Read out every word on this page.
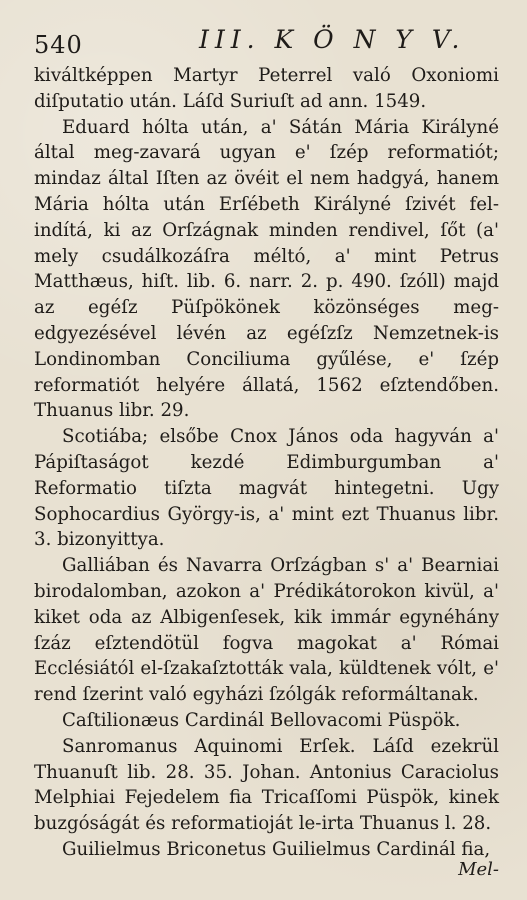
540	III. K Ö N Y V.

kiváltképpen Martyr Peterrel való Oxoniomi diſputatio után. Láſd Suriuſt ad ann. 1549.

Eduard hólta után, a' Sátán Mária Királyné által meg-zavará ugyan e' ſzép reformatiót; mindaz által Iſten az övéit el nem hadgyá, hanem Mária hólta után Erſébeth Királyné ſzivét fel-indítá, ki az Orſzágnak minden rendivel, ſőt (a' mely csudálkozáſra méltó, a' mint Petrus Matthæus, hiſt. lib. 6. narr. 2. p. 490. ſzóll) majd az egéſz Püſpökönek közönséges meg-edgyezésével lévén az egéſzſz Nemzetnek-is Londinomban Conciliuma gyűlése, e' ſzép reformatiót helyére állatá, 1562 eſztendőben. Thuanus libr. 29.

Scotiába; elsőbe Cnox János oda hagyván a' Pápiſtaságot kezdé Edimburgumban a' Reformatio tiſzta magvát hintegetni. Ugy Sophocardius György-is, a' mint ezt Thuanus libr. 3. bizonyittya.

Galliában és Navarra Orſzágban s' a' Bearniai birodalomban, azokon a' Prédikátorokon kivül, a' kiket oda az Albigenſesek, kik immár egynéhány ſzáz eſztendötül fogva magokat a' Római Ecclésiától el-ſzakaſztották vala, küldtenek vólt, e' rend ſzerint való egyházi ſzólgák reformáltanak.

Caſtilionæus Cardinál Bellovacomi Püspök.

Sanromanus Aquinomi Erſek. Láſd ezekrül Thuanuſt lib. 28. 35. Johan. Antonius Caraciolus Melphiai Fejedelem fia Tricaſſomi Püspök, kinek buzgóságát és reformatioját le-irta Thuanus l. 28.

Guilielmus Briconetus Guilielmus Cardinál fia,

Mel-
